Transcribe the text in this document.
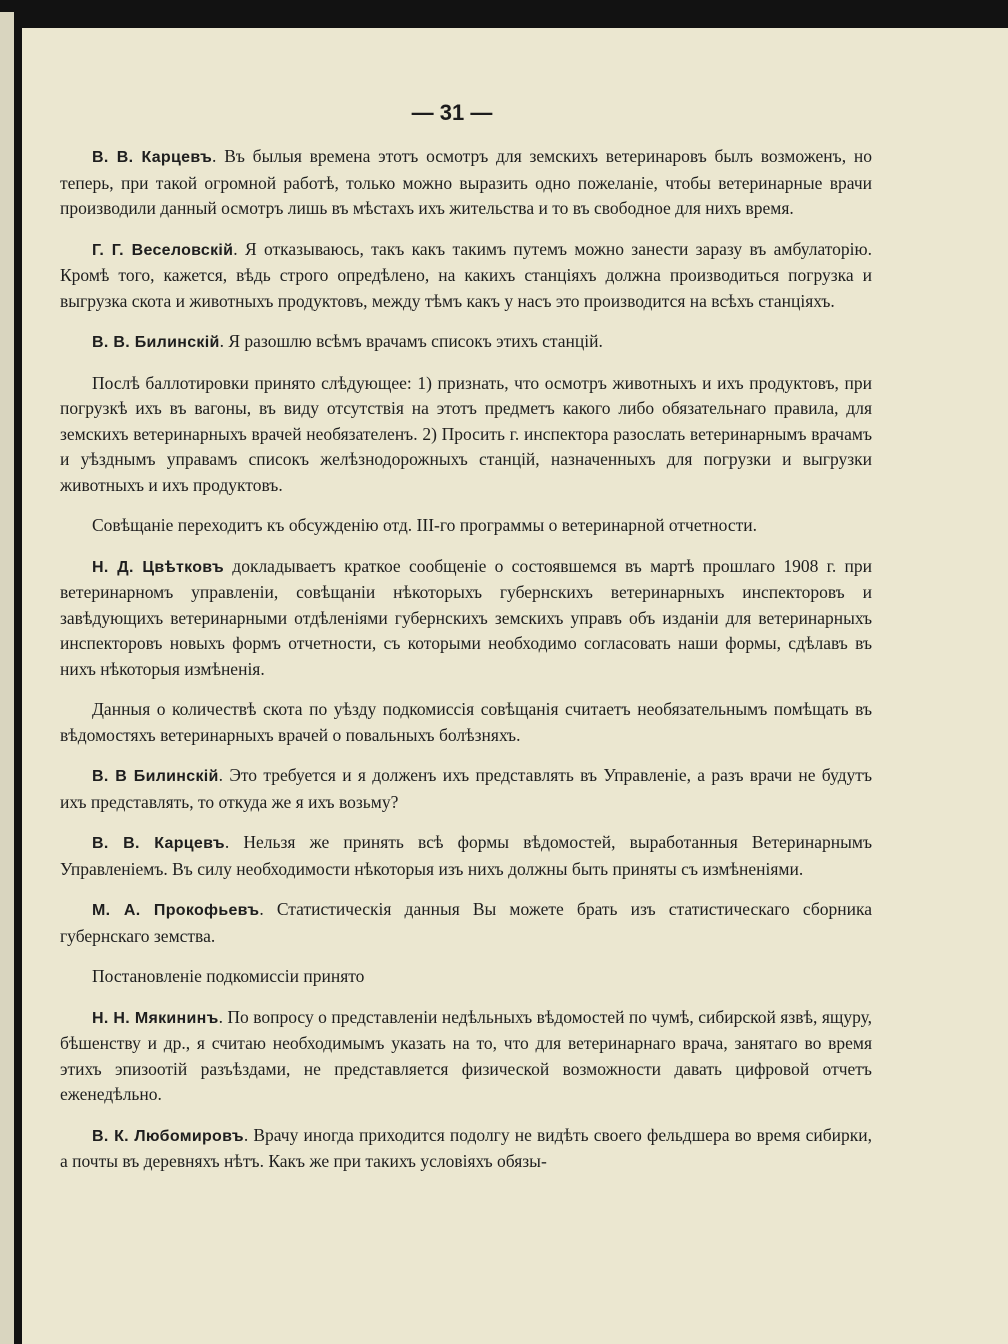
— 31 —

В. В. Карцевъ. Въ былыя времена этотъ осмотръ для земскихъ ветеринаровъ былъ возможенъ, но теперь, при такой огромной работѣ, только можно выразить одно пожеланіе, чтобы ветеринарные врачи производили данный осмотръ лишь въ мѣстахъ ихъ жительства и то въ свободное для нихъ время.

Г. Г. Веселовскій. Я отказываюсь, такъ какъ такимъ путемъ можно занести заразу въ амбулаторію. Кромѣ того, кажется, вѣдь строго опредѣлено, на какихъ станціяхъ должна производиться погрузка и выгрузка скота и животныхъ продуктовъ, между тѣмъ какъ у насъ это производится на всѣхъ станціяхъ.

В. В. Билинскій. Я разошлю всѣмъ врачамъ списокъ этихъ станцій.

Послѣ баллотировки принято слѣдующее: 1) признать, что осмотръ животныхъ и ихъ продуктовъ, при погрузкѣ ихъ въ вагоны, въ виду отсутствія на этотъ предметъ какого либо обязательнаго правила, для земскихъ ветеринарныхъ врачей необязателенъ. 2) Просить г. инспектора разослать ветеринарнымъ врачамъ и уѣзднымъ управамъ списокъ желѣзнодорожныхъ станцій, назначенныхъ для погрузки и выгрузки животныхъ и ихъ продуктовъ.

Совѣщаніе переходитъ къ обсужденію отд. III-го программы о ветеринарной отчетности.

Н. Д. Цвѣтковъ докладываетъ краткое сообщеніе о состоявшемся въ мартѣ прошлаго 1908 г. при ветеринарномъ управленіи, совѣщаніи нѣкоторыхъ губернскихъ ветеринарныхъ инспекторовъ и завѣдующихъ ветеринарными отдѣленіями губернскихъ земскихъ управъ объ изданіи для ветеринарныхъ инспекторовъ новыхъ формъ отчетности, съ которыми необходимо согласовать наши формы, сдѣлавъ въ нихъ нѣкоторыя измѣненія.

Данныя о количествѣ скота по уѣзду подкомиссія совѣщанія считаетъ необязательнымъ помѣщать въ вѣдомостяхъ ветеринарныхъ врачей о повальныхъ болѣзняхъ.

В. В Билинскій. Это требуется и я долженъ ихъ представлять въ Управленіе, а разъ врачи не будутъ ихъ представлять, то откуда же я ихъ возьму?

В. В. Карцевъ. Нельзя же принять всѣ формы вѣдомостей, выработанныя Ветеринарнымъ Управленіемъ. Въ силу необходимости нѣкоторыя изъ нихъ должны быть приняты съ измѣненіями.

М. А. Прокофьевъ. Статистическія данныя Вы можете брать изъ статистическаго сборника губернскаго земства.

Постановленіе подкомиссіи принято

Н. Н. Мякининъ. По вопросу о представленіи недѣльныхъ вѣдомостей по чумѣ, сибирской язвѣ, ящуру, бѣшенству и др., я считаю необходимымъ указать на то, что для ветеринарнаго врача, занятаго во время этихъ эпизоотій разъѣздами, не представляется физической возможности давать цифровой отчетъ еженедѣльно.

В. К. Любомировъ. Врачу иногда приходится подолгу не видѣть своего фельдшера во время сибирки, а почты въ деревняхъ нѣтъ. Какъ же при такихъ условіяхъ обязы-
